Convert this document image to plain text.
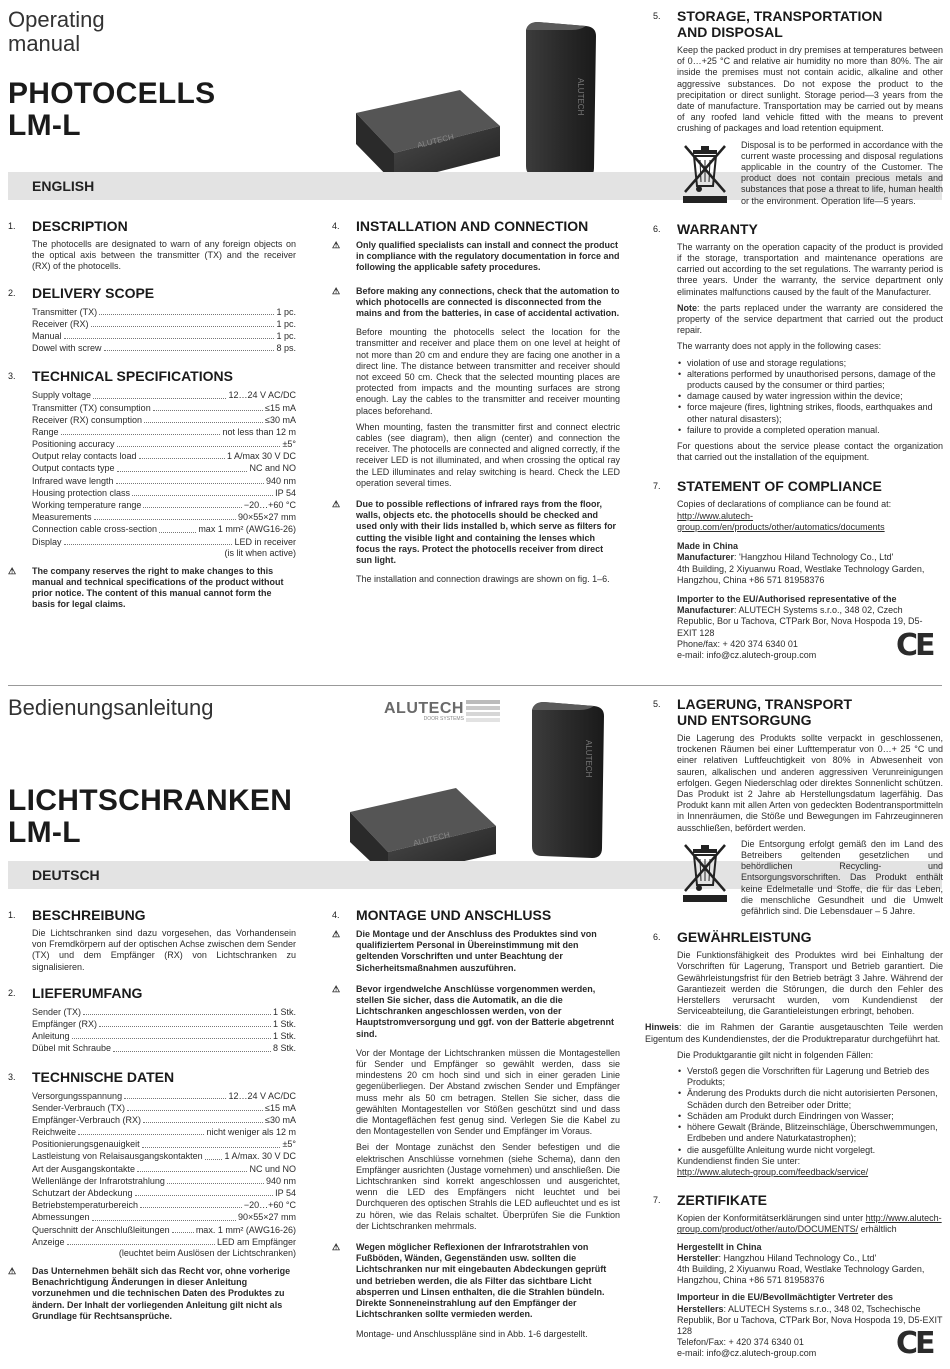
Operating
manual
PHOTOCELLS
LM-L	ALUTECH
ALUTECH
ENGLISH
1.	DESCRIPTION

The photocells are designated to warn of any foreign objects on the optical axis between the transmitter (TX) and the receiver (RX) of the photocells.

2.	DELIVERY SCOPE
Transmitter (TX)	1 pc.
Receiver (RX)	1 pc.
Manual	1 pc.
Dowel with screw	8 ps.
3.	TECHNICAL SPECIFICATIONS
Supply voltage	12…24 V AC/DC
Transmitter (TX) consumption	≤15 mA
Receiver (RX) consumption	≤30 mA
Range	not less than 12 m
Positioning accuracy	±5°
Output relay contacts load	1 A/max 30 V DC
Output contacts type	NC and NO
Infrared wave length	940 nm
Housing protection class	IP 54
Working temperature range	−20…+60 °C
Measurements	90×55×27 mm
Connection cable cross-section	max 1 mm² (AWG16-26)
Display	LED in receiver
(is lit when active)
⚠	The company reserves the right to make changes to this manual and technical specifications of the product without prior notice. The content of this manual cannot form the basis for legal claims.
4.	INSTALLATION AND CONNECTION
⚠	Only qualified specialists can install and connect the product in compliance with the regulatory documentation in force and following the applicable safety procedures.
⚠	Before making any connections, check that the automation to which photocells are connected is disconnected from the mains and from the batteries, in case of accidental activation.

Before mounting the photocells select the location for the transmitter and receiver and place them on one level at height of not more than 20 cm and endure they are facing one another in a direct line. The distance between transmitter and receiver should not exceed 50 cm. Check that the selected mounting places are protected from impacts and the mounting surfaces are strong enough. Lay the cables to the transmitter and receiver mounting places beforehand.

When mounting, fasten the transmitter first and connect electric cables (see diagram), then align (center) and connection the receiver. The photocells are connected and aligned correctly, if the receiver LED is not illuminated, and when crossing the optical ray the LED illuminates and relay switching is heard. Check the LED operation several times.

⚠	Due to possible reflections of infrared rays from the floor, walls, objects etc. the photocells should be checked and used only with their lids installed b, which serve as filters for cutting the visible light and containing the lenses which focus the rays. Protect the photocells receiver from direct sun light.

The installation and connection drawings are shown on fig. 1–6.

5.	STORAGE, TRANSPORTATION
AND DISPOSAL

Keep the packed product in dry premises at temperatures between of 0…+25 °C and relative air humidity no more than 80%. The air inside the premises must not contain acidic, alkaline and other aggressive substances. Do not expose the product to the precipitation or direct sunlight. Storage period—3 years from the date of manufacture. Transportation may be carried out by means of any roofed land vehicle fitted with the means to prevent crushing of packages and load retention equipment.

Disposal is to be performed in accordance with the current waste processing and disposal regulations applicable in the country of the Customer. The product does not contain precious metals and substances that pose a threat to life, human health or the environment. Operation life—5 years.

6.	WARRANTY

The warranty on the operation capacity of the product is provided if the storage, transportation and maintenance operations are carried out according to the set regulations. The warranty period is three years. Under the warranty, the service department only eliminates malfunctions caused by the fault of the Manufacturer.

Note: the parts replaced under the warranty are considered the property of the service department that carried out the product repair.

The warranty does not apply in the following cases:

• violation of use and storage regulations;
• alterations performed by unauthorised persons, damage of the products caused by the consumer or third parties;
• damage caused by water ingression within the device;
• force majeure (fires, lightning strikes, floods, earthquakes and other natural disasters);
• failure to provide a completed operation manual.

For questions about the service please contact the organization that carried out the installation of the equipment.

7.	STATEMENT OF COMPLIANCE

Copies of declarations of compliance can be found at:

http://www.alutech-group.com/en/products/other/automatics/documents

Made in China
Manufacturer: 'Hangzhou Hiland Technology Co., Ltd'
4th Building, 2 Xiyuanwu Road, Westlake Technology Garden,
Hangzhou, China +86 571 81958376
Importer to the EU/Authorised representative of the Manufacturer: ALUTECH Systems s.r.o., 348 02, Czech Republic, Bor u Tachova, CTPark Bor, Nova Hospoda 19, D5-EXIT 128
Phone/fax: + 420 374 6340 01
e-mail: info@cz.alutech-group.com	CE
Bedienungsanleitung	ALUTECH
DOOR SYSTEMS
LICHTSCHRANKEN
LM-L	ALUTECH
ALUTECH
DEUTSCH
1.	BESCHREIBUNG

Die Lichtschranken sind dazu vorgesehen, das Vorhandensein von Fremdkörpern auf der optischen Achse zwischen dem Sender (TX) und dem Empfänger (RX) von Lichtschranken zu signalisieren.

2.	LIEFERUMFANG
Sender (TX)	1 Stk.
Empfänger (RX)	1 Stk.
Anleitung	1 Stk.
Dübel mit Schraube	8 Stk.
3.	TECHNISCHE DATEN
Versorgungsspannung	12…24 V AC/DC
Sender-Verbrauch (TX)	≤15 mA
Empfänger-Verbrauch (RX)	≤30 mA
Reichweite	nicht weniger als 12 m
Positionierungsgenauigkeit	±5°
Lastleistung von Relaisausgangskontakten 1 A/max. 30 V DC
Art der Ausgangskontakte	NC und NO
Wellenlänge der Infrarotstrahlung	940 nm
Schutzart der Abdeckung	IP 54
Betriebstemperaturbereich	−20…+60 °C
Abmessungen	90×55×27 mm
Querschnitt der Anschlußleitungen	max. 1 mm² (AWG16-26)
Anzeige	LED am Empfänger
(leuchtet beim Auslösen der Lichtschranken)
⚠	Das Unternehmen behält sich das Recht vor, ohne vorherige Benachrichtigung Änderungen in dieser Anleitung vorzunehmen und die technischen Daten des Produktes zu ändern. Der Inhalt der vorliegenden Anleitung gilt nicht als Grundlage für Rechtsansprüche.
4.	MONTAGE UND ANSCHLUSS
⚠	Die Montage und der Anschluss des Produktes sind von qualifiziertem Personal in Übereinstimmung mit den geltenden Vorschriften und unter Beachtung der Sicherheitsmaßnahmen auszuführen.
⚠	Bevor irgendwelche Anschlüsse vorgenommen werden, stellen Sie sicher, dass die Automatik, an die die Lichtschranken angeschlossen werden, von der Hauptstromversorgung und ggf. von der Batterie abgetrennt sind.

Vor der Montage der Lichtschranken müssen die Montagestellen für Sender und Empfänger so gewählt werden, dass sie mindestens 20 cm hoch sind und sich in einer geraden Linie gegenüberliegen. Der Abstand zwischen Sender und Empfänger muss mehr als 50 cm betragen. Stellen Sie sicher, dass die gewählten Montagestellen vor Stößen geschützt sind und dass die Montageflächen fest genug sind. Verlegen Sie die Kabel zu den Montagestellen von Sender und Empfänger im Voraus.

Bei der Montage zunächst den Sender befestigen und die elektrischen Anschlüsse vornehmen (siehe Schema), dann den Empfänger ausrichten (Justage vornehmen) und anschließen. Die Lichtschranken sind korrekt angeschlossen und ausgerichtet, wenn die LED des Empfängers nicht leuchtet und bei Durchqueren des optischen Strahls die LED aufleuchtet und es ist zu hören, wie das Relais schaltet. Überprüfen Sie die Funktion der Lichtschranken mehrmals.

⚠	Wegen möglicher Reflexionen der Infrarotstrahlen von Fußböden, Wänden, Gegenständen usw. sollten die Lichtschranken nur mit eingebauten Abdeckungen geprüft und betrieben werden, die als Filter das sichtbare Licht absperren und Linsen enthalten, die die Strahlen bündeln. Direkte Sonneneinstrahlung auf den Empfänger der Lichtschranken sollte vermieden werden.

Montage- und Anschlusspläne sind in Abb. 1-6 dargestellt.

5.	LAGERUNG, TRANSPORT
UND ENTSORGUNG

Die Lagerung des Produkts sollte verpackt in geschlossenen, trockenen Räumen bei einer Lufttemperatur von 0…+ 25 °C und einer relativen Luftfeuchtigkeit von 80% in Abwesenheit von sauren, alkalischen und anderen aggressiven Verunreinigungen erfolgen. Gegen Niederschlag oder direktes Sonnenlicht schützen. Das Produkt ist 2 Jahre ab Herstellungsdatum lagerfähig. Das Produkt kann mit allen Arten von gedeckten Bodentransportmitteln in Innenräumen, die Stöße und Bewegungen im Fahrzeuginneren ausschließen, befördert werden.

Die Entsorgung erfolgt gemäß den im Land des Betreibers geltenden gesetzlichen und behördlichen Recycling- und Entsorgungsvorschriften. Das Produkt enthält keine Edelmetalle und Stoffe, die für das Leben, die menschliche Gesundheit und die Umwelt gefährlich sind. Die Lebensdauer – 5 Jahre.

6.	GEWÄHRLEISTUNG

Die Funktionsfähigkeit des Produktes wird bei Einhaltung der Vorschriften für Lagerung, Transport und Betrieb garantiert. Die Gewährleistungsfrist für den Betrieb beträgt 3 Jahre. Während der Garantiezeit werden die Störungen, die durch den Fehler des Herstellers verursacht wurden, vom Kundendienst der Serviceabteilung, die Garantieleistungen erbringt, behoben.

Hinweis: die im Rahmen der Garantie ausgetauschten Teile werden Eigentum des Kundendienstes, der die Produktreparatur durchgeführt hat.

Die Produktgarantie gilt nicht in folgenden Fällen:

• Verstoß gegen die Vorschriften für Lagerung und Betrieb des Produkts;
• Änderung des Produkts durch die nicht autorisierten Personen, Schäden durch den Betreiber oder Dritte;
• Schäden am Produkt durch Eindringen von Wasser;
• höhere Gewalt (Brände, Blitzeinschläge, Überschwemmungen, Erdbeben und andere Naturkatastrophen);
• die ausgefüllte Anleitung wurde nicht vorgelegt.
Kundendienst finden Sie unter:
http://www.alutech-group.com/feedback/service/
7.	ZERTIFIKATE

Kopien der Konformitätserklärungen sind unter http://www.alutech-group.com/product/other/auto/DOCUMENTS/ erhältlich

Hergestellt in China
Hersteller: Hangzhou Hiland Technology Co., Ltd'
4th Building, 2 Xiyuanwu Road, Westlake Technology Garden,
Hangzhou, China +86 571 81958376
Importeur in die EU/Bevollmächtigter Vertreter des Herstellers: ALUTECH Systems s.r.o., 348 02, Tschechische Republik, Bor u Tachova, CTPark Bor, Nova Hospoda 19, D5-EXIT 128
Telefon/Fax: + 420 374 6340 01
e-mail: info@cz.alutech-group.com	CE
